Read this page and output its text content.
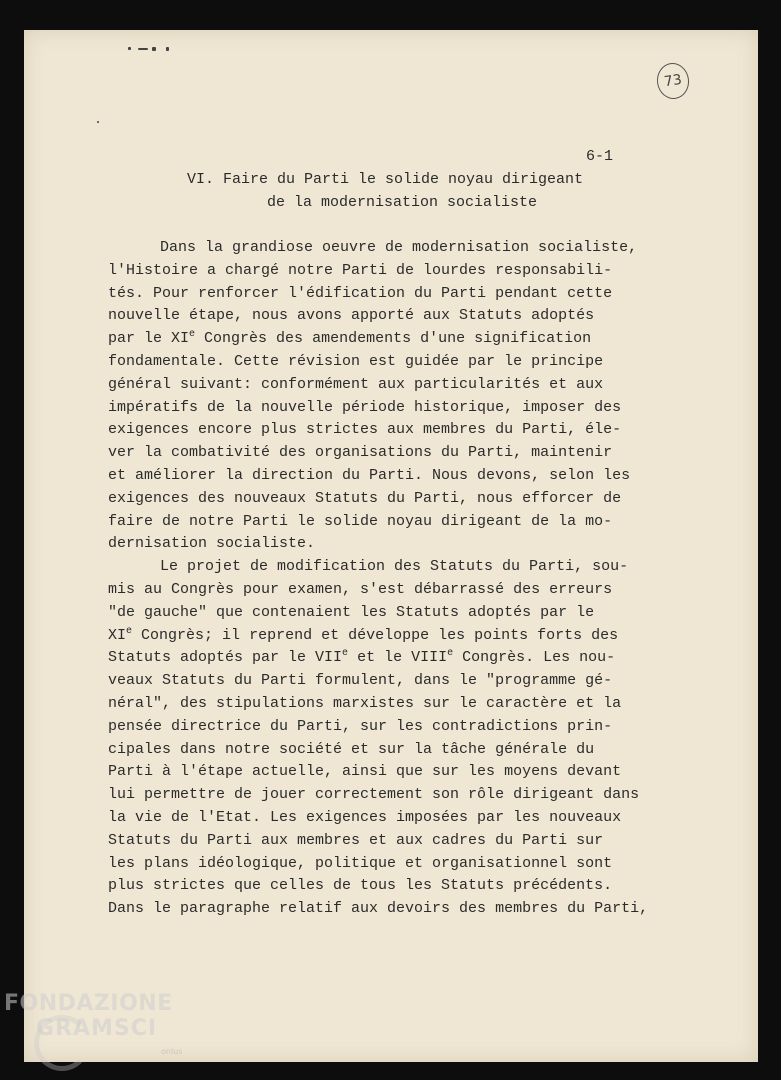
73
6-1
VI. Faire du Parti le solide noyau dirigeant
de la modernisation socialiste
Dans la grandiose oeuvre de modernisation socialiste,
l'Histoire a chargé notre Parti de lourdes responsabili-
tés. Pour renforcer l'édification du Parti pendant cette
nouvelle étape, nous avons apporté aux Statuts adoptés
par le XIe Congrès des amendements d'une signification
fondamentale. Cette révision est guidée par le principe
général suivant: conformément aux particularités et aux
impératifs de la nouvelle période historique, imposer des
exigences encore plus strictes aux membres du Parti, éle-
ver la combativité des organisations du Parti, maintenir
et améliorer la direction du Parti. Nous devons, selon les
exigences des nouveaux Statuts du Parti, nous efforcer de
faire de notre Parti le solide noyau dirigeant de la mo-
dernisation socialiste.
Le projet de modification des Statuts du Parti, sou-
mis au Congrès pour examen, s'est débarrassé des erreurs
"de gauche" que contenaient les Statuts adoptés par le
XIe Congrès; il reprend et développe les points forts des
Statuts adoptés par le VIIe et le VIIIe Congrès. Les nou-
veaux Statuts du Parti formulent, dans le "programme gé-
néral", des stipulations marxistes sur le caractère et la
pensée directrice du Parti, sur les contradictions prin-
cipales dans notre société et sur la tâche générale du
Parti à l'étape actuelle, ainsi que sur les moyens devant
lui permettre de jouer correctement son rôle dirigeant dans
la vie de l'Etat. Les exigences imposées par les nouveaux
Statuts du Parti aux membres et aux cadres du Parti sur
les plans idéologique, politique et organisationnel sont
plus strictes que celles de tous les Statuts précédents.
Dans le paragraphe relatif aux devoirs des membres du Parti,
FONDAZIONE
GRAMSCI
onlus
